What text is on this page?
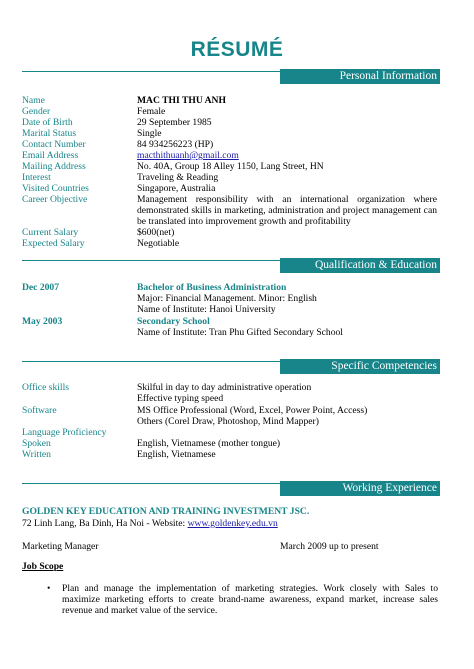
RÉSUMÉ
Personal Information
Name	MAC THI THU ANH
Gender	Female
Date of Birth	29 September 1985
Marital Status	Single
Contact Number	84 934256223 (HP)
Email Address	macthithuanh@gmail.com
Mailing Address	No. 40A, Group 18 Alley 1150, Lang Street, HN
Interest	Traveling & Reading
Visited Countries	Singapore, Australia
Career Objective	Management responsibility with an international organization where demonstrated skills in marketing, administration and project management can be translated into improvement growth and profitability
Current Salary	$600(net)
Expected Salary	Negotiable
Qualification & Education
Dec 2007	Bachelor of Business Administration
Major: Financial Management. Minor: English
Name of Institute: Hanoi University
May 2003	Secondary School
Name of Institute: Tran Phu Gifted Secondary School
Specific Competencies
Office skills	Skilful in day to day administrative operation
Effective typing speed
Software	MS Office Professional (Word, Excel, Power Point, Access)
Others (Corel Draw, Photoshop, Mind Mapper)
Language Proficiency
Spoken	English, Vietnamese (mother tongue)
Written	English, Vietnamese
Working Experience
GOLDEN KEY EDUCATION AND TRAINING INVESTMENT JSC.
72 Linh Lang, Ba Dinh, Ha Noi - Website: www.goldenkey.edu.vn
Marketing Manager	March 2009 up to present
Job Scope
• Plan and manage the implementation of marketing strategies. Work closely with Sales to maximize marketing efforts to create brand-name awareness, expand market, increase sales revenue and market value of the service.
